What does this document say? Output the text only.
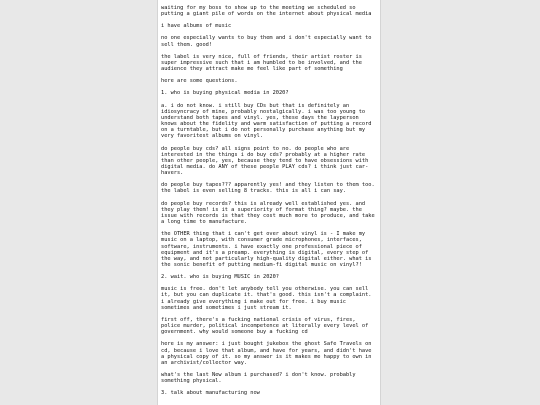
waiting for my boss to show up to the meeting we scheduled so putting a giant pile of words on the internet about physical media

i have albums of music

no one especially wants to buy them and i don't especially want to sell them. good!

the label is very nice, full of friends, their artist roster is super impressive such that i am humbled to be involved, and the audience they attract make me feel like part of something

here are some questions.

1. who is buying physical media in 2020?

a. i do not know. i still buy CDs but that is definitely an idiosyncracy of mine, probably nostalgically. i was too young to understand both tapes and vinyl. yes, these days the layperson knows about the fidelity and warm satisfaction of putting a record on a turntable, but i do not personally purchase anything but my very favoritest albums on vinyl.

do people buy cds? all signs point to no. do people who are interested in the things i do buy cds? probably at a higher rate than other people, yes, because they tend to have obsessions with digital media. do ANY of these people PLAY cds? i think just car-havers.

do people buy tapes??? apparently yes! and they listen to them too. the label is even selling 8 tracks. this is all i can say.

do people buy records? this is already well established yes. and they play them! is it a superiority of format thing? maybe. the issue with records is that they cost much more to produce, and take a long time to manufacture.

the OTHER thing that i can't get over about vinyl is - I make my music on a laptop, with consumer grade microphones, interfaces, software, instruments. i have exactly one professional piece of equipment and it's a preamp. everything is digital, every step of the way, and not particularly high-quality digital either. what is the sonic benefit of putting medium-fi digital music on vinyl?!

2. wait. who is buying MUSIC in 2020?

music is free. don't let anybody tell you otherwise. you can sell it, but you can duplicate it. that's good. this isn't a complaint. i already give everything i make out for free. i buy music sometimes and sometimes i just stream it.

first off, there's a fucking national crisis of virus, fires, police murder, political incompetence at literally every level of government. why would someone buy a fucking cd

here is my answer: i just bought jukebox the ghost Safe Travels on cd, because i love that album, and have for years, and didn't have a physical copy of it. so my answer is it makes me happy to own in an archivist/collector way.

what's the last New album i purchased? i don't know. probably something physical.

3. talk about manufacturing now
